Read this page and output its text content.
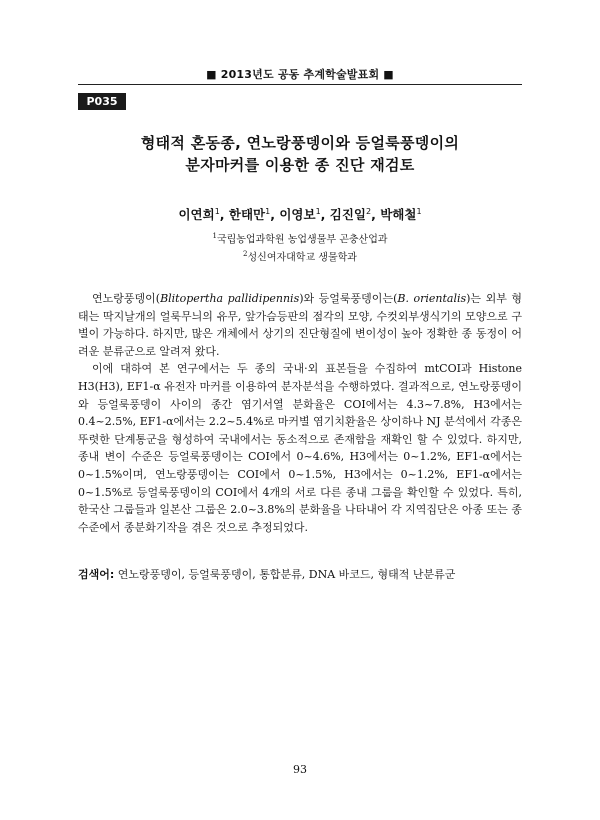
■ 2013년도 공동 추계학술발표회 ■
P035
형태적 혼동종, 연노랑풍뎅이와 등얼룩풍뎅이의
분자마커를 이용한 종 진단 재검토
이연희$^1$, 한태만$^1$, 이영보$^1$, 김진일$^2$, 박해철$^1$
$^1$국립농업과학원 농업생물부 곤충산업과
$^2$성신여자대학교 생물학과

연노랑풍뎅이(Blitopertha pallidipennis)와 등얼룩풍뎅이는(B. orientalis)는 외부 형태는 딱지날개의 얼룩무늬의 유무, 앞가슴등판의 점각의 모양, 수컷외부생식기의 모양으로 구별이 가능하다. 하지만, 많은 개체에서 상기의 진단형질에 변이성이 높아 정확한 종 동정이 어려운 분류군으로 알려져 왔다.

이에 대하여 본 연구에서는 두 종의 국내·외 표본들을 수집하여 mtCOI과 Histone H3(H3), EF1-α 유전자 마커를 이용하여 분자분석을 수행하였다. 결과적으로, 연노랑풍뎅이와 등얼룩풍뎅이 사이의 종간 염기서열 분화율은 COI에서는 4.3~7.8%, H3에서는 0.4~2.5%, EF1-α에서는 2.2~5.4%로 마커별 염기치환율은 상이하나 NJ 분석에서 각종은 뚜렷한 단계통군을 형성하여 국내에서는 동소적으로 존재함을 재확인 할 수 있었다. 하지만, 종내 변이 수준은 등얼룩풍뎅이는 COI에서 0~4.6%, H3에서는 0~1.2%, EF1-α에서는 0~1.5%이며, 연노랑풍뎅이는 COI에서 0~1.5%, H3에서는 0~1.2%, EF1-α에서는 0~1.5%로 등얼룩풍뎅이의 COI에서 4개의 서로 다른 종내 그룹을 확인할 수 있었다. 특히, 한국산 그룹들과 일본산 그룹은 2.0~3.8%의 분화율을 나타내어 각 지역집단은 아종 또는 종 수준에서 종분화기작을 겪은 것으로 추정되었다.

검색어: 연노랑풍뎅이, 등얼룩풍뎅이, 통합분류, DNA 바코드, 형태적 난분류군
93
